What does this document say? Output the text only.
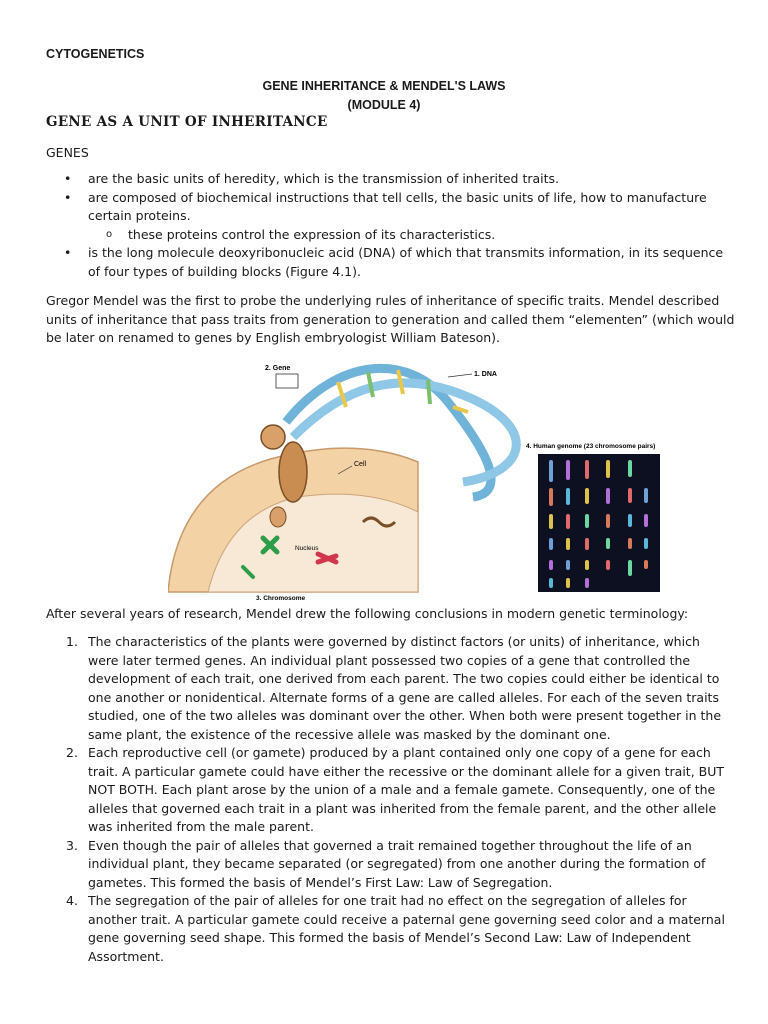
CYTOGENETICS
GENE INHERITANCE & MENDEL'S LAWS
(MODULE 4)
GENE AS A UNIT OF INHERITANCE
GENES
• are the basic units of heredity, which is the transmission of inherited traits.
• are composed of biochemical instructions that tell cells, the basic units of life, how to manufacture certain proteins.
o these proteins control the expression of its characteristics.
• is the long molecule deoxyribonucleic acid (DNA) of which that transmits information, in its sequence of four types of building blocks (Figure 4.1).
Gregor Mendel was the first to probe the underlying rules of inheritance of specific traits. Mendel described units of inheritance that pass traits from generation to generation and called them “elementen” (which would be later on renamed to genes by English embryologist William Bateson).
2. Gene
1. DNA
Cell
Nucleus
3. Chromosome
4. Human genome (23 chromosome pairs)
After several years of research, Mendel drew the following conclusions in modern genetic terminology:
1. The characteristics of the plants were governed by distinct factors (or units) of inheritance, which were later termed genes. An individual plant possessed two copies of a gene that controlled the development of each trait, one derived from each parent. The two copies could either be identical to one another or nonidentical. Alternate forms of a gene are called alleles. For each of the seven traits studied, one of the two alleles was dominant over the other. When both were present together in the same plant, the existence of the recessive allele was masked by the dominant one.
2. Each reproductive cell (or gamete) produced by a plant contained only one copy of a gene for each trait. A particular gamete could have either the recessive or the dominant allele for a given trait, BUT NOT BOTH. Each plant arose by the union of a male and a female gamete. Consequently, one of the alleles that governed each trait in a plant was inherited from the female parent, and the other allele was inherited from the male parent.
3. Even though the pair of alleles that governed a trait remained together throughout the life of an individual plant, they became separated (or segregated) from one another during the formation of gametes. This formed the basis of Mendel’s First Law: Law of Segregation.
4. The segregation of the pair of alleles for one trait had no effect on the segregation of alleles for another trait. A particular gamete could receive a paternal gene governing seed color and a maternal gene governing seed shape. This formed the basis of Mendel’s Second Law: Law of Independent Assortment.
